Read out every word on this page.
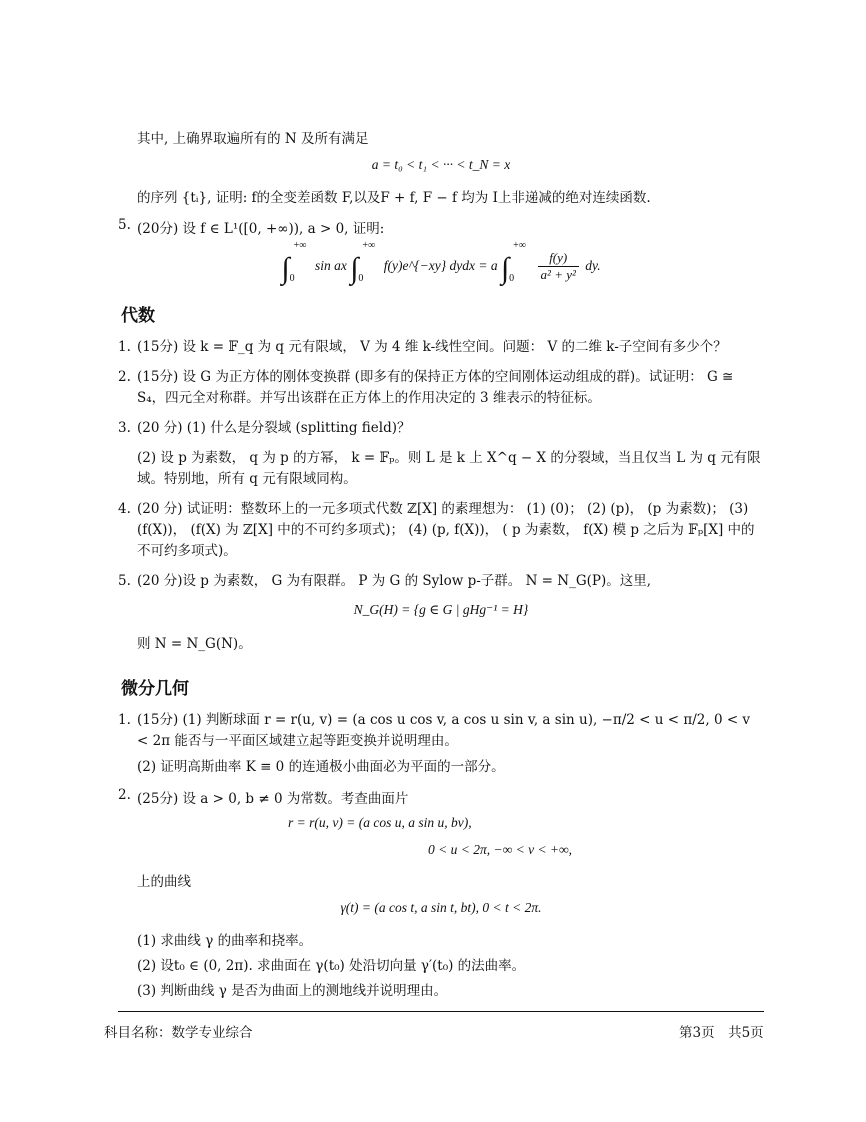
其中, 上确界取遍所有的 N 及所有满足
a = t₀ < t₁ < ··· < t_N = x
的序列 {tᵢ}, 证明: f的全变差函数 F,以及F + f, F − f 均为 I上非递减的绝对连续函数.
5. (20分) 设 f ∈ L¹([0, +∞)), a > 0, 证明:
∫
+∞
0
sin ax ∫
+∞
0
f(y)e^{−xy} dydx = a ∫
+∞
0
$\frac{f(y)}{\text{a² + y²}}$ dy.
代数
1. (15分) 设 k = 𝔽_q 为 q 元有限域， V 为 4 维 k-线性空间。问题： V 的二维 k-子空间有多少个？
2. (15分) 设 G 为正方体的刚体变换群 (即多有的保持正方体的空间刚体运动组成的群)。试证明： G ≅ S₄，四元全对称群。并写出该群在正方体上的作用决定的 3 维表示的特征标。
3. (20 分) (1) 什么是分裂域 (splitting field)？
(2) 设 p 为素数， q 为 p 的方幂， k = 𝔽ₚ。则 L 是 k 上 X^q − X 的分裂域，当且仅当 L 为 q 元有限域。特别地，所有 q 元有限域同构。
4. (20 分) 试证明：整数环上的一元多项式代数 ℤ[X] 的素理想为： (1) (0)； (2) (p)， (p 为素数)； (3) (f(X))， (f(X) 为 ℤ[X] 中的不可约多项式)； (4) (p, f(X))， ( p 为素数， f(X) 模 p 之后为 𝔽ₚ[X] 中的不可约多项式)。
5. (20 分)设 p 为素数， G 为有限群。 P 为 G 的 Sylow p-子群。 N = N_G(P)。这里,
N_G(H) = {g ∈ G | gHg⁻¹ = H}
则 N = N_G(N)。
微分几何
1. (15分) (1) 判断球面 r = r(u, v) = (a cos u cos v, a cos u sin v, a sin u), −π/2 < u < π/2, 0 < v < 2π 能否与一平面区域建立起等距变换并说明理由。
(2) 证明高斯曲率 K ≡ 0 的连通极小曲面必为平面的一部分。
2. (25分) 设 a > 0, b ≠ 0 为常数。考查曲面片
r = r(u, v) = (a cos u, a sin u, bv),
0 < u < 2π, −∞ < v < +∞,
上的曲线
γ(t) = (a cos t, a sin t, bt), 0 < t < 2π.
(1) 求曲线 γ 的曲率和挠率。
(2) 设t₀ ∈ (0, 2π). 求曲面在 γ(t₀) 处沿切向量 γ′(t₀) 的法曲率。
(3) 判断曲线 γ 是否为曲面上的测地线并说明理由。
科目名称：数学专业综合	第3页　共5页
